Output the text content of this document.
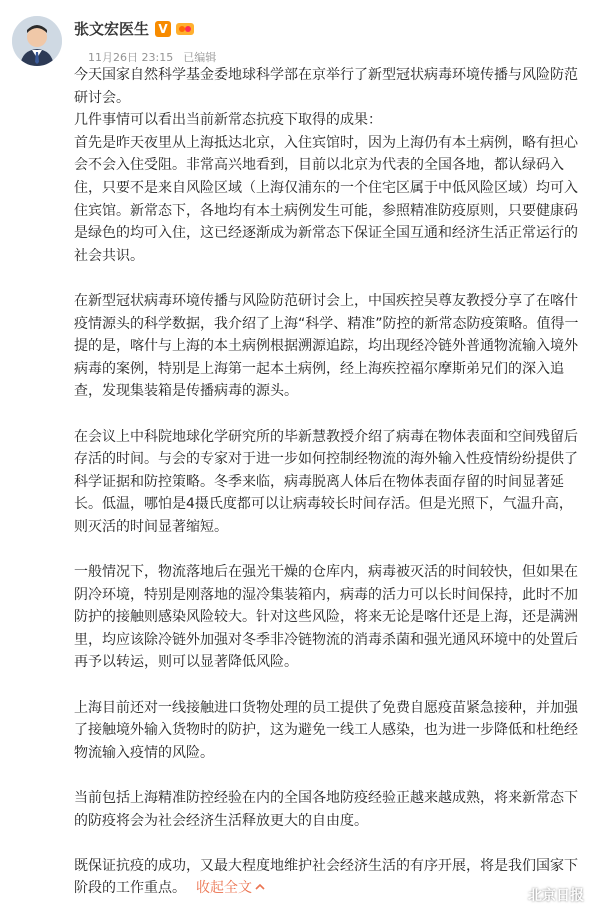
张文宏医生 V
11月26日 23:15 已编辑

今天国家自然科学基金委地球科学部在京举行了新型冠状病毒环境传播与风险防范研讨会。

几件事情可以看出当前新常态抗疫下取得的成果：

首先是昨天夜里从上海抵达北京，入住宾馆时，因为上海仍有本土病例，略有担心会不会入住受阻。非常高兴地看到，目前以北京为代表的全国各地，都认绿码入住，只要不是来自风险区域（上海仅浦东的一个住宅区属于中低风险区域）均可入住宾馆。新常态下，各地均有本土病例发生可能，参照精准防疫原则，只要健康码是绿色的均可入住，这已经逐渐成为新常态下保证全国互通和经济生活正常运行的社会共识。

在新型冠状病毒环境传播与风险防范研讨会上，中国疾控吴尊友教授分享了在喀什疫情源头的科学数据，我介绍了上海“科学、精准”防控的新常态防疫策略。值得一提的是，喀什与上海的本土病例根据溯源追踪，均出现经冷链外普通物流输入境外病毒的案例，特别是上海第一起本土病例，经上海疾控福尔摩斯弟兄们的深入追查，发现集装箱是传播病毒的源头。

在会议上中科院地球化学研究所的毕新慧教授介绍了病毒在物体表面和空间残留后存活的时间。与会的专家对于进一步如何控制经物流的海外输入性疫情纷纷提供了科学证据和防控策略。冬季来临，病毒脱离人体后在物体表面存留的时间显著延长。低温，哪怕是4摄氏度都可以让病毒较长时间存活。但是光照下，气温升高，则灭活的时间显著缩短。

一般情况下，物流落地后在强光干燥的仓库内，病毒被灭活的时间较快，但如果在阴冷环境，特别是刚落地的湿冷集装箱内，病毒的活力可以长时间保持，此时不加防护的接触则感染风险较大。针对这些风险，将来无论是喀什还是上海，还是满洲里，均应该除冷链外加强对冬季非冷链物流的消毒杀菌和强光通风环境中的处置后再予以转运，则可以显著降低风险。

上海目前还对一线接触进口货物处理的员工提供了免费自愿疫苗紧急接种，并加强了接触境外输入货物时的防护，这为避免一线工人感染，也为进一步降低和杜绝经物流输入疫情的风险。

当前包括上海精准防控经验在内的全国各地防疫经验正越来越成熟，将来新常态下的防疫将会为社会经济生活释放更大的自由度。

既保证抗疫的成功，又最大程度地维护社会经济生活的有序开展，将是我们国家下阶段的工作重点。 收起全文	北京日报
